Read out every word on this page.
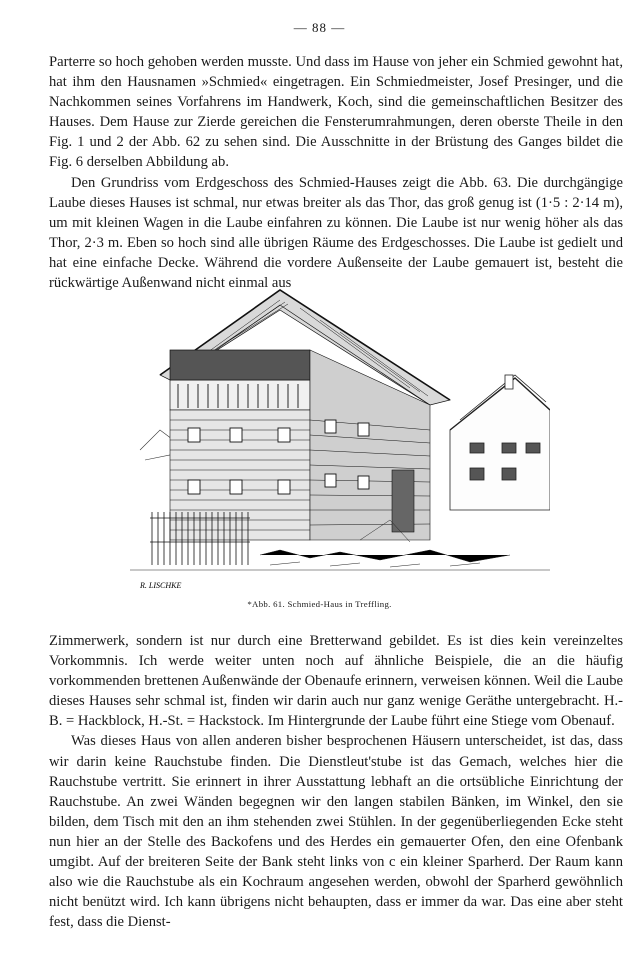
— 88 —

Parterre so hoch gehoben werden musste. Und dass im Hause von jeher ein Schmied gewohnt hat, hat ihm den Hausnamen »Schmied« eingetragen. Ein Schmiedmeister, Josef Presinger, und die Nachkommen seines Vorfahrens im Handwerk, Koch, sind die gemeinschaftlichen Besitzer des Hauses. Dem Hause zur Zierde gereichen die Fensterumrahmungen, deren oberste Theile in den Fig. 1 und 2 der Abb. 62 zu sehen sind. Die Ausschnitte in der Brüstung des Ganges bildet die Fig. 6 derselben Abbildung ab.

Den Grundriss vom Erdgeschoss des Schmied-Hauses zeigt die Abb. 63. Die durchgängige Laube dieses Hauses ist schmal, nur etwas breiter als das Thor, das groß genug ist (1·5 : 2·14 m), um mit kleinen Wagen in die Laube einfahren zu können. Die Laube ist nur wenig höher als das Thor, 2·3 m. Eben so hoch sind alle übrigen Räume des Erdgeschosses. Die Laube ist gedielt und hat eine einfache Decke. Während die vordere Außenseite der Laube gemauert ist, besteht die rückwärtige Außenwand nicht einmal aus

R. LISCHKE
*Abb. 61. Schmied-Haus in Treffling.

Zimmerwerk, sondern ist nur durch eine Bretterwand gebildet. Es ist dies kein vereinzeltes Vorkommnis. Ich werde weiter unten noch auf ähnliche Beispiele, die an die häufig vorkommenden brettenen Außenwände der Obenaufe erinnern, verweisen können. Weil die Laube dieses Hauses sehr schmal ist, finden wir darin auch nur ganz wenige Geräthe untergebracht. H.-B. = Hackblock, H.-St. = Hackstock. Im Hintergrunde der Laube führt eine Stiege vom Obenauf.

Was dieses Haus von allen anderen bisher besprochenen Häusern unterscheidet, ist das, dass wir darin keine Rauchstube finden. Die Dienstleut'stube ist das Gemach, welches hier die Rauchstube vertritt. Sie erinnert in ihrer Ausstattung lebhaft an die ortsübliche Einrichtung der Rauchstube. An zwei Wänden begegnen wir den langen stabilen Bänken, im Winkel, den sie bilden, dem Tisch mit den an ihm stehenden zwei Stühlen. In der gegenüberliegenden Ecke steht nun hier an der Stelle des Backofens und des Herdes ein gemauerter Ofen, den eine Ofenbank umgibt. Auf der breiteren Seite der Bank steht links von c ein kleiner Sparherd. Der Raum kann also wie die Rauchstube als ein Kochraum angesehen werden, obwohl der Sparherd gewöhnlich nicht benützt wird. Ich kann übrigens nicht behaupten, dass er immer da war. Das eine aber steht fest, dass die Dienst-
